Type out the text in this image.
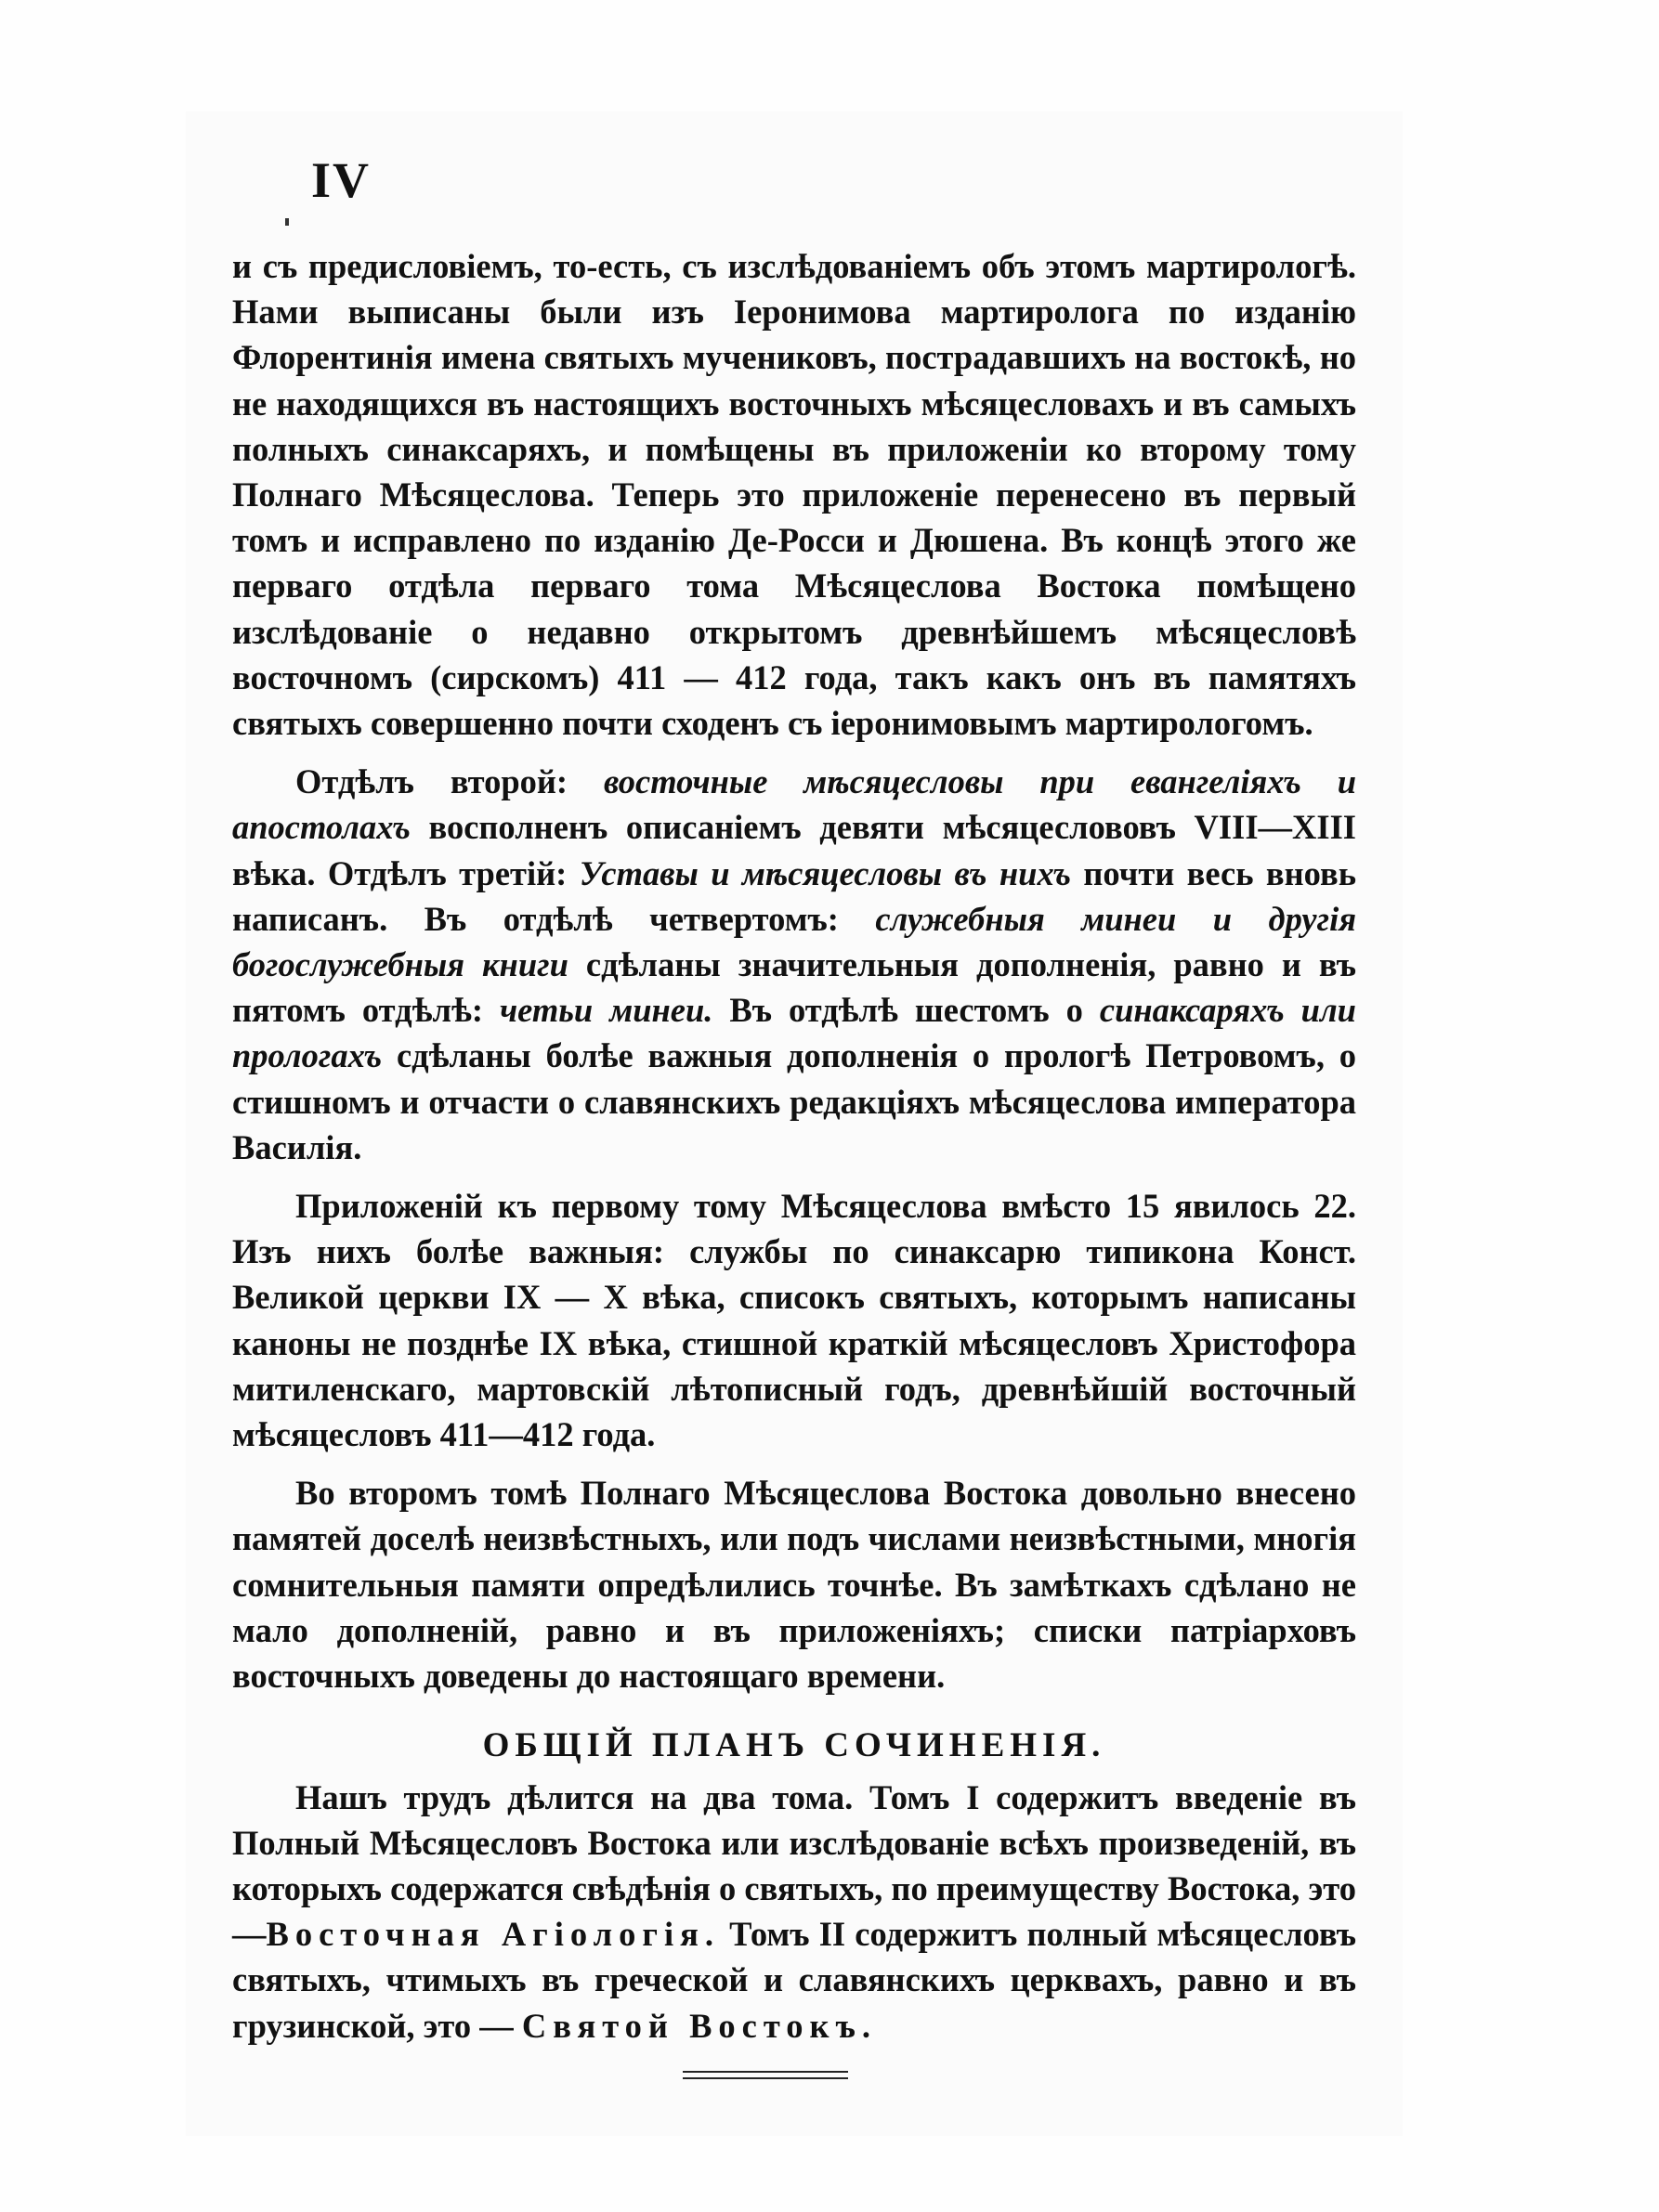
IV

и съ предисловіемъ, то-есть, съ изслѣдованіемъ объ этомъ мартирологѣ. Нами выписаны были изъ Іеронимова мартиролога по изданію Флорентинія имена святыхъ мучениковъ, пострадавшихъ на востокѣ, но не находящихся въ настоящихъ восточныхъ мѣсяцесловахъ и въ самыхъ полныхъ синаксаряхъ, и помѣщены въ приложеніи ко второму тому Полнаго Мѣсяцеслова. Теперь это приложеніе перенесено въ первый томъ и исправлено по изданію Де-Росси и Дюшена. Въ концѣ этого же перваго отдѣла перваго тома Мѣсяцеслова Востока помѣщено изслѣдованіе о недавно открытомъ древнѣйшемъ мѣсяцесловѣ восточномъ (сирскомъ) 411 — 412 года, такъ какъ онъ въ памятяхъ святыхъ совершенно почти сходенъ съ іеронимовымъ мартирологомъ.

Отдѣлъ второй: восточные мѣсяцесловы при евангеліяхъ и апостолахъ восполненъ описаніемъ девяти мѣсяцеслововъ VIII—XIII вѣка. Отдѣлъ третій: Уставы и мѣсяцесловы въ нихъ почти весь вновь написанъ. Въ отдѣлѣ четвертомъ: служебныя минеи и другія богослужебныя книги сдѣланы значительныя дополненія, равно и въ пятомъ отдѣлѣ: четьи минеи. Въ отдѣлѣ шестомъ о синаксаряхъ или прологахъ сдѣланы болѣе важныя дополненія о прологѣ Петровомъ, о стишномъ и отчасти о славянскихъ редакціяхъ мѣсяцеслова императора Василія.

Приложеній къ первому тому Мѣсяцеслова вмѣсто 15 явилось 22. Изъ нихъ болѣе важныя: службы по синаксарю типикона Конст. Великой церкви IX — X вѣка, списокъ святыхъ, которымъ написаны каноны не позднѣе IX вѣка, стишной краткій мѣсяцесловъ Христофора митиленскаго, мартовскій лѣтописный годъ, древнѣйшій восточный мѣсяцесловъ 411—412 года.

Во второмъ томѣ Полнаго Мѣсяцеслова Востока довольно внесено памятей доселѣ неизвѣстныхъ, или подъ числами неизвѣстными, многія сомнительныя памяти опредѣлились точнѣе. Въ замѣткахъ сдѣлано не мало дополненій, равно и въ приложеніяхъ; списки патріарховъ восточныхъ доведены до настоящаго времени.

ОБЩІЙ ПЛАНЪ СОЧИНЕНІЯ.

Нашъ трудъ дѣлится на два тома. Томъ I содержитъ введеніе въ Полный Мѣсяцесловъ Востока или изслѣдованіе всѣхъ произведеній, въ которыхъ содержатся свѣдѣнія о святыхъ, по преимуществу Востока, это—Восточная Агіологія. Томъ II содержитъ полный мѣсяцесловъ святыхъ, чтимыхъ въ греческой и славянскихъ церквахъ, равно и въ грузинской, это — Святой Востокъ.
